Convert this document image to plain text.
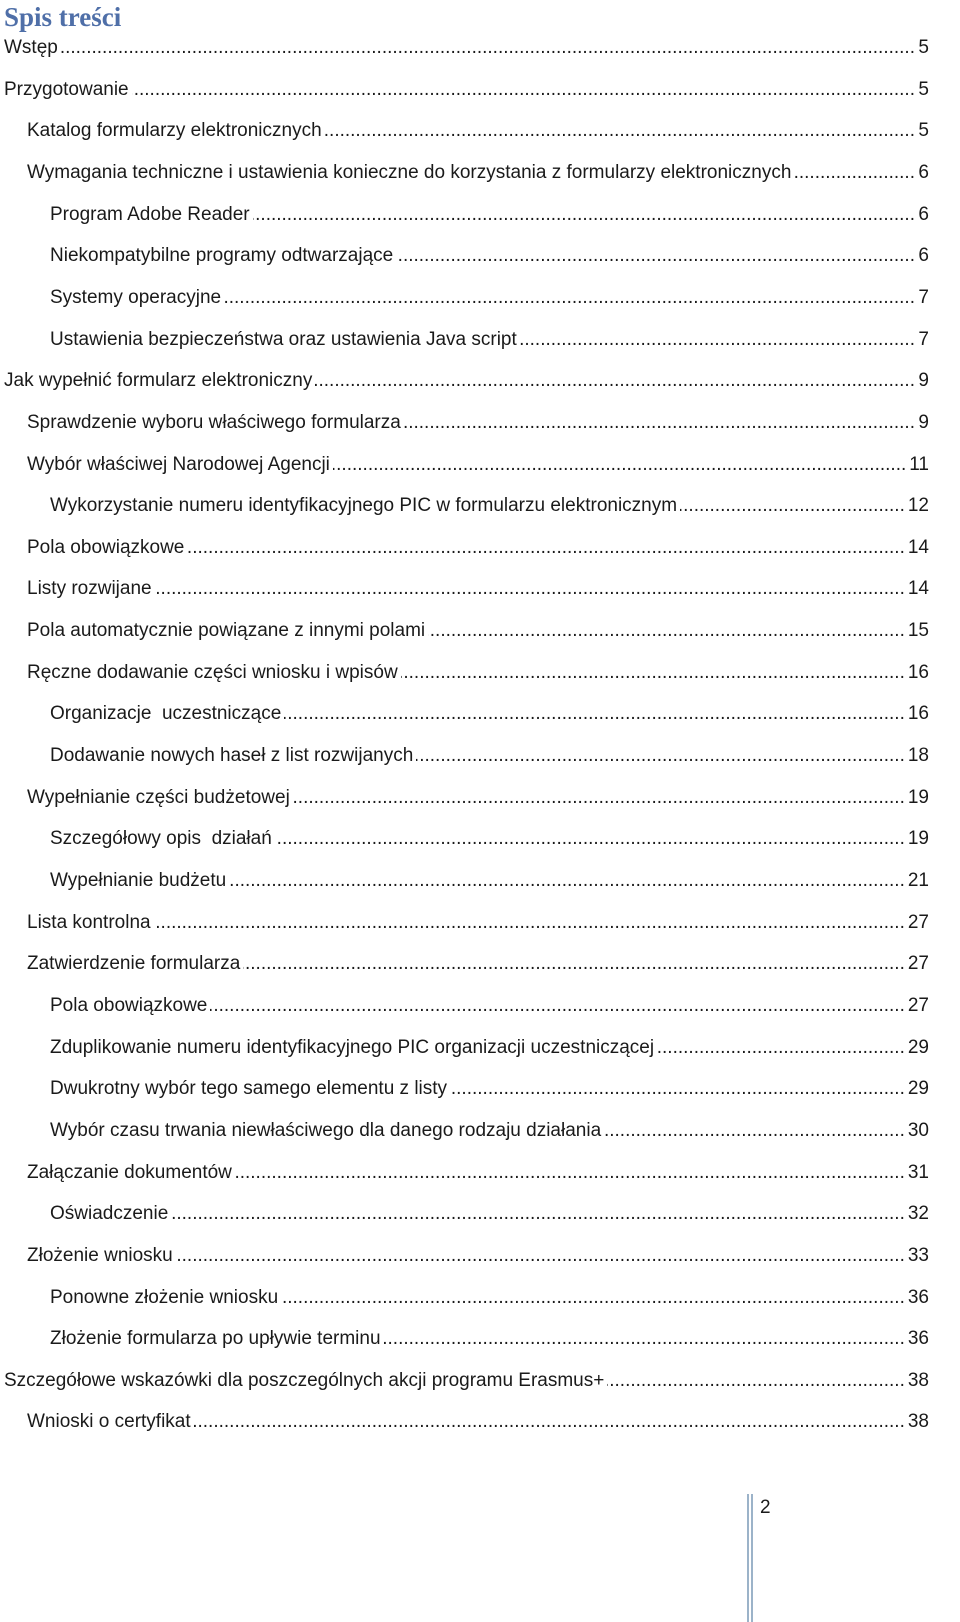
Spis treści
Wstęp .....	5
Przygotowanie .....	5
Katalog formularzy elektronicznych .....	5
Wymagania techniczne i ustawienia konieczne do korzystania z formularzy elektronicznych .....	6
Program Adobe Reader .....	6
Niekompatybilne programy odtwarzające .....	6
Systemy operacyjne .....	7
Ustawienia bezpieczeństwa oraz ustawienia Java script .....	7
Jak wypełnić formularz elektroniczny .....	9
Sprawdzenie wyboru właściwego formularza .....	9
Wybór właściwej Narodowej Agencji .....	11
Wykorzystanie numeru identyfikacyjnego PIC w formularzu elektronicznym .....	12
Pola obowiązkowe .....	14
Listy rozwijane .....	14
Pola automatycznie powiązane z innymi polami .....	15
Ręczne dodawanie części wniosku i wpisów .....	16
Organizacje  uczestniczące .....	16
Dodawanie nowych haseł z list rozwijanych .....	18
Wypełnianie części budżetowej .....	19
Szczegółowy opis  działań .....	19
Wypełnianie budżetu .....	21
Lista kontrolna .....	27
Zatwierdzenie formularza .....	27
Pola obowiązkowe .....	27
Zduplikowanie numeru identyfikacyjnego PIC organizacji uczestniczącej .....	29
Dwukrotny wybór tego samego elementu z listy .....	29
Wybór czasu trwania niewłaściwego dla danego rodzaju działania .....	30
Załączanie dokumentów .....	31
Oświadczenie .....	32
Złożenie wniosku .....	33
Ponowne złożenie wniosku .....	36
Złożenie formularza po upływie terminu .....	36
Szczegółowe wskazówki dla poszczególnych akcji programu Erasmus+ .....	38
Wnioski o certyfikat .....	38
2
